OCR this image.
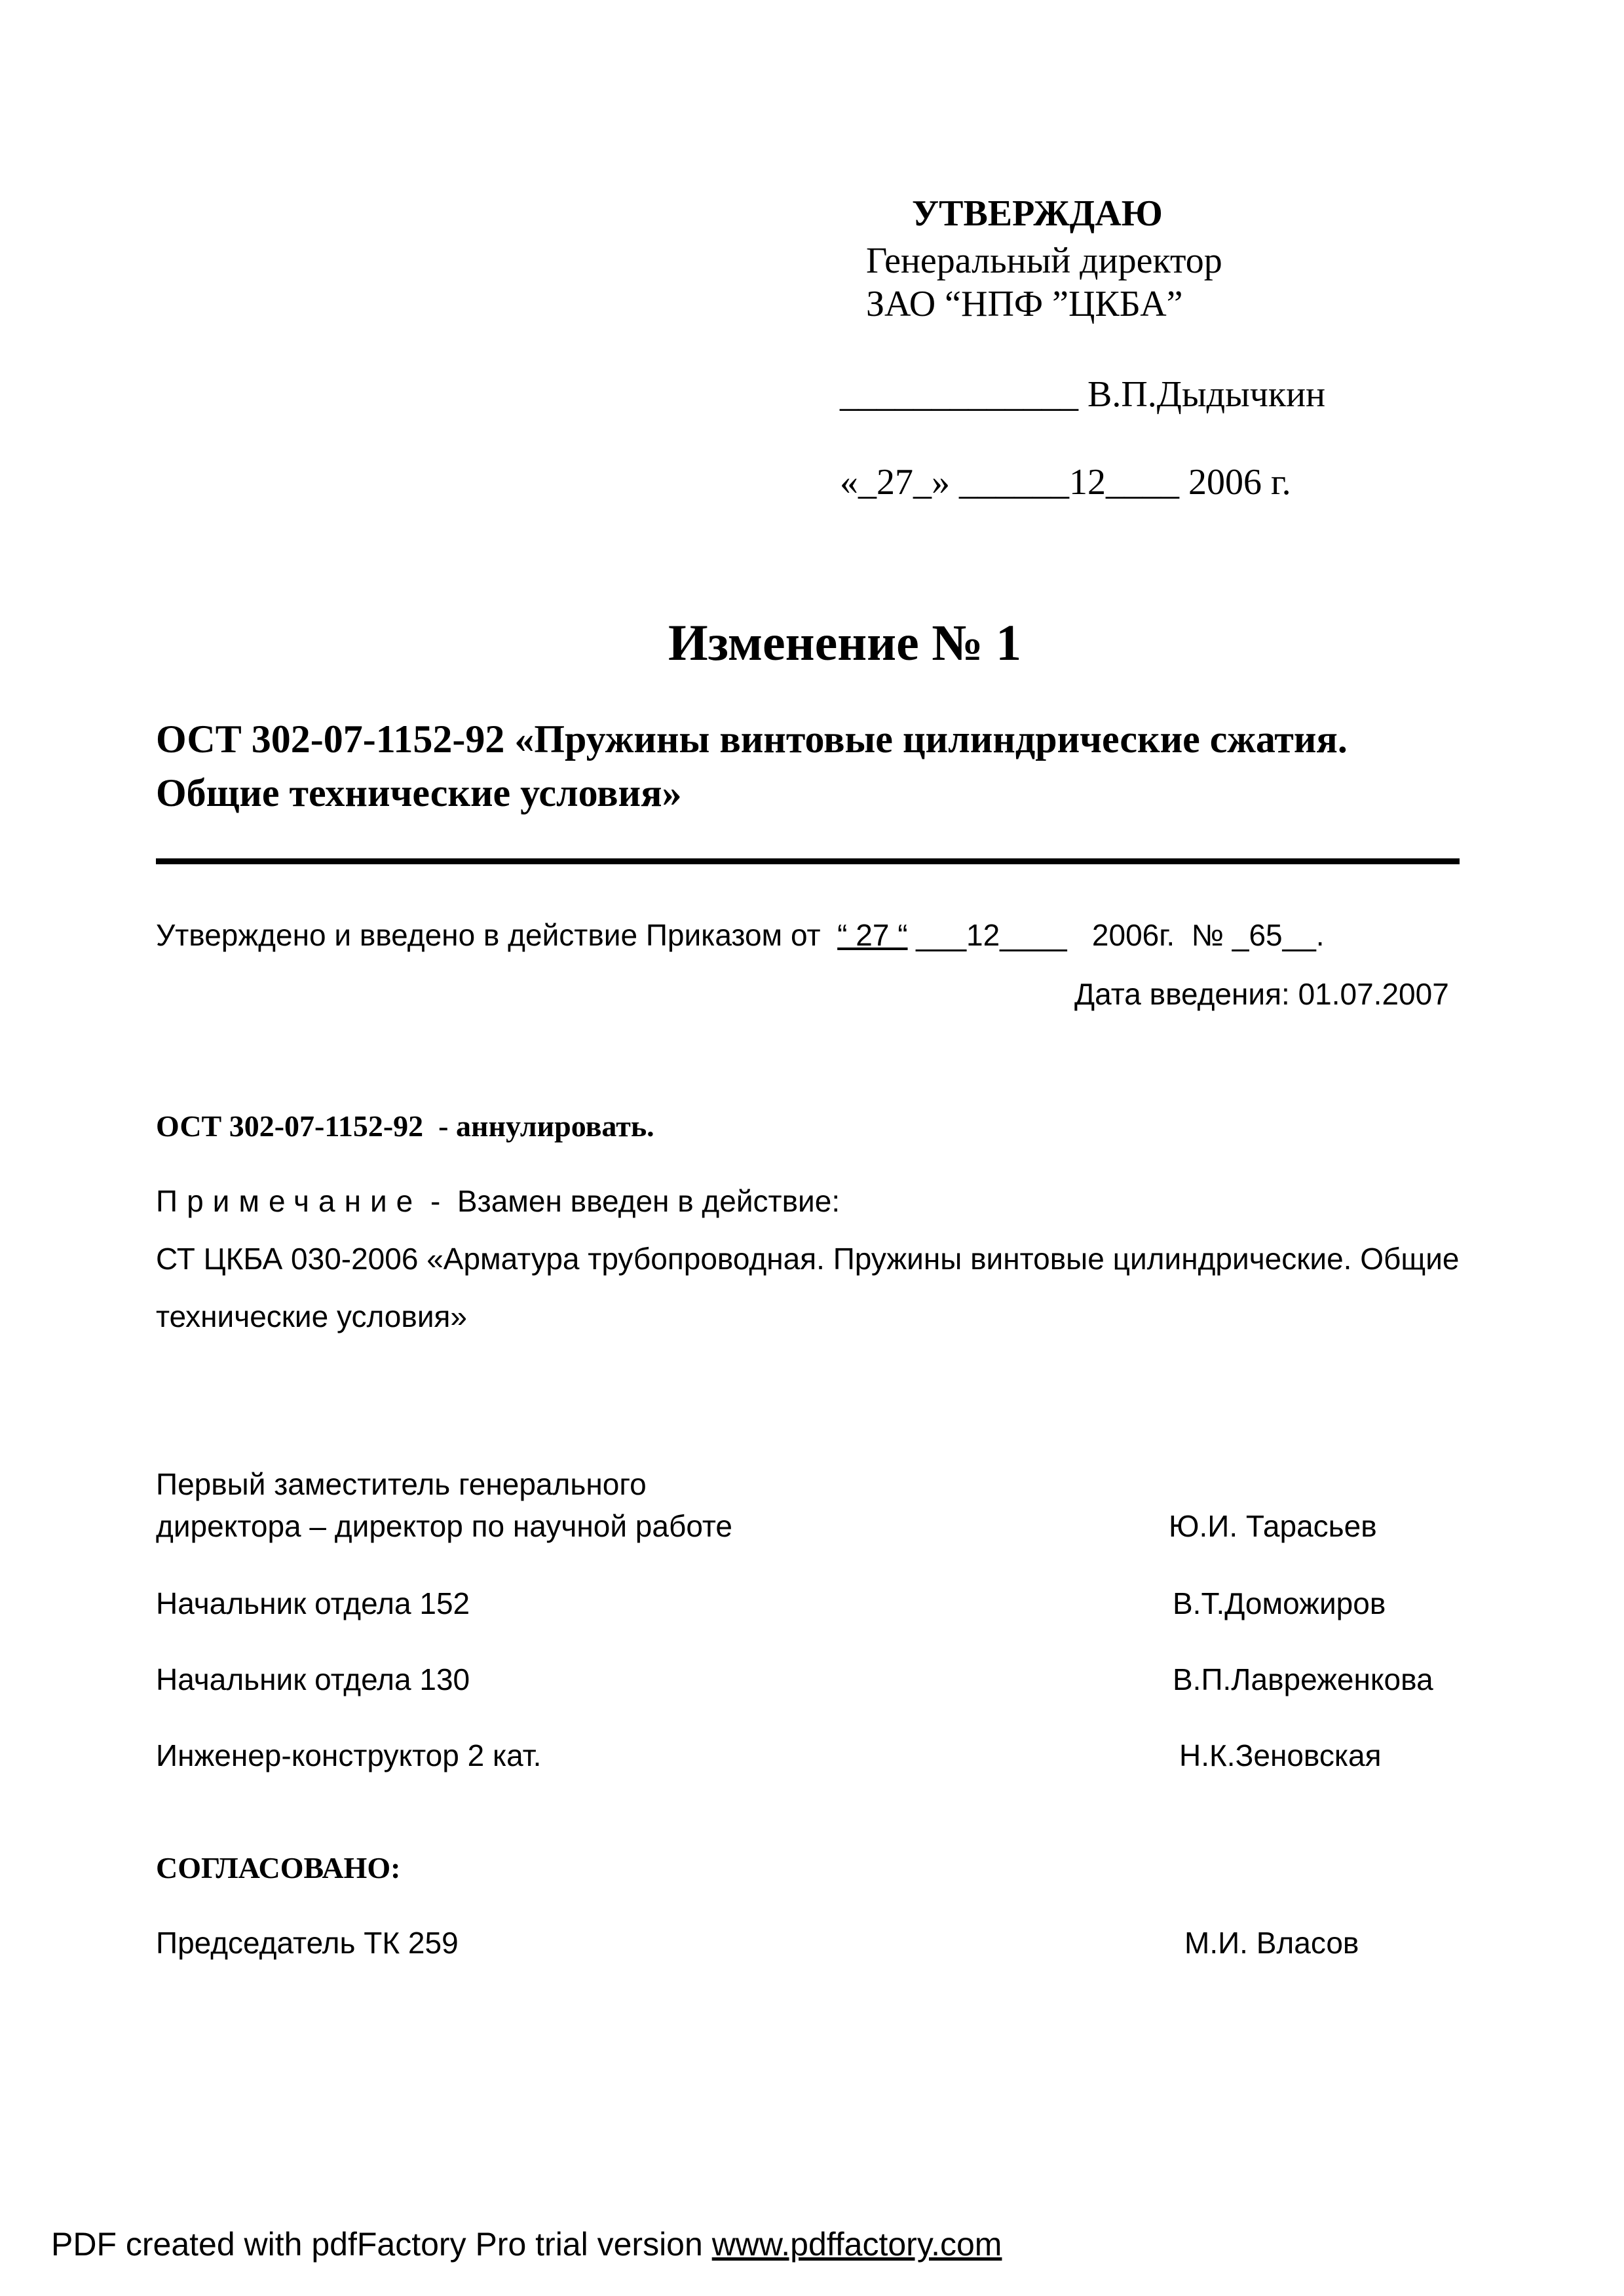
УТВЕРЖДАЮ
Генеральный директор
ЗАО “НПФ ”ЦКБА”
_____________ В.П.Дыдычкин
«_27_» ______12____ 2006 г.
Изменение № 1
ОСТ 302-07-1152-92 «Пружины винтовые цилиндрические сжатия.
Общие технические условия»
Утверждено и введено в действие Приказом от  “ 27 “ ___12____   2006г.  № _65__.
Дата введения: 01.07.2007
ОСТ 302-07-1152-92  - аннулировать.
Примечание -  Взамен введен в действие:
СТ ЦКБА 030-2006 «Арматура трубопроводная. Пружины винтовые цилиндрические. Общие
технические условия»
Первый заместитель генерального
директора – директор по научной работе	Ю.И. Тарасьев
Начальник отдела 152	В.Т.Доможиров
Начальник отдела 130	В.П.Лавреженкова
Инженер-конструктор 2 кат.	Н.К.Зеновская
СОГЛАСОВАНО:
Председатель ТК 259	М.И. Власов
PDF created with pdfFactory Pro trial version www.pdffactory.com
